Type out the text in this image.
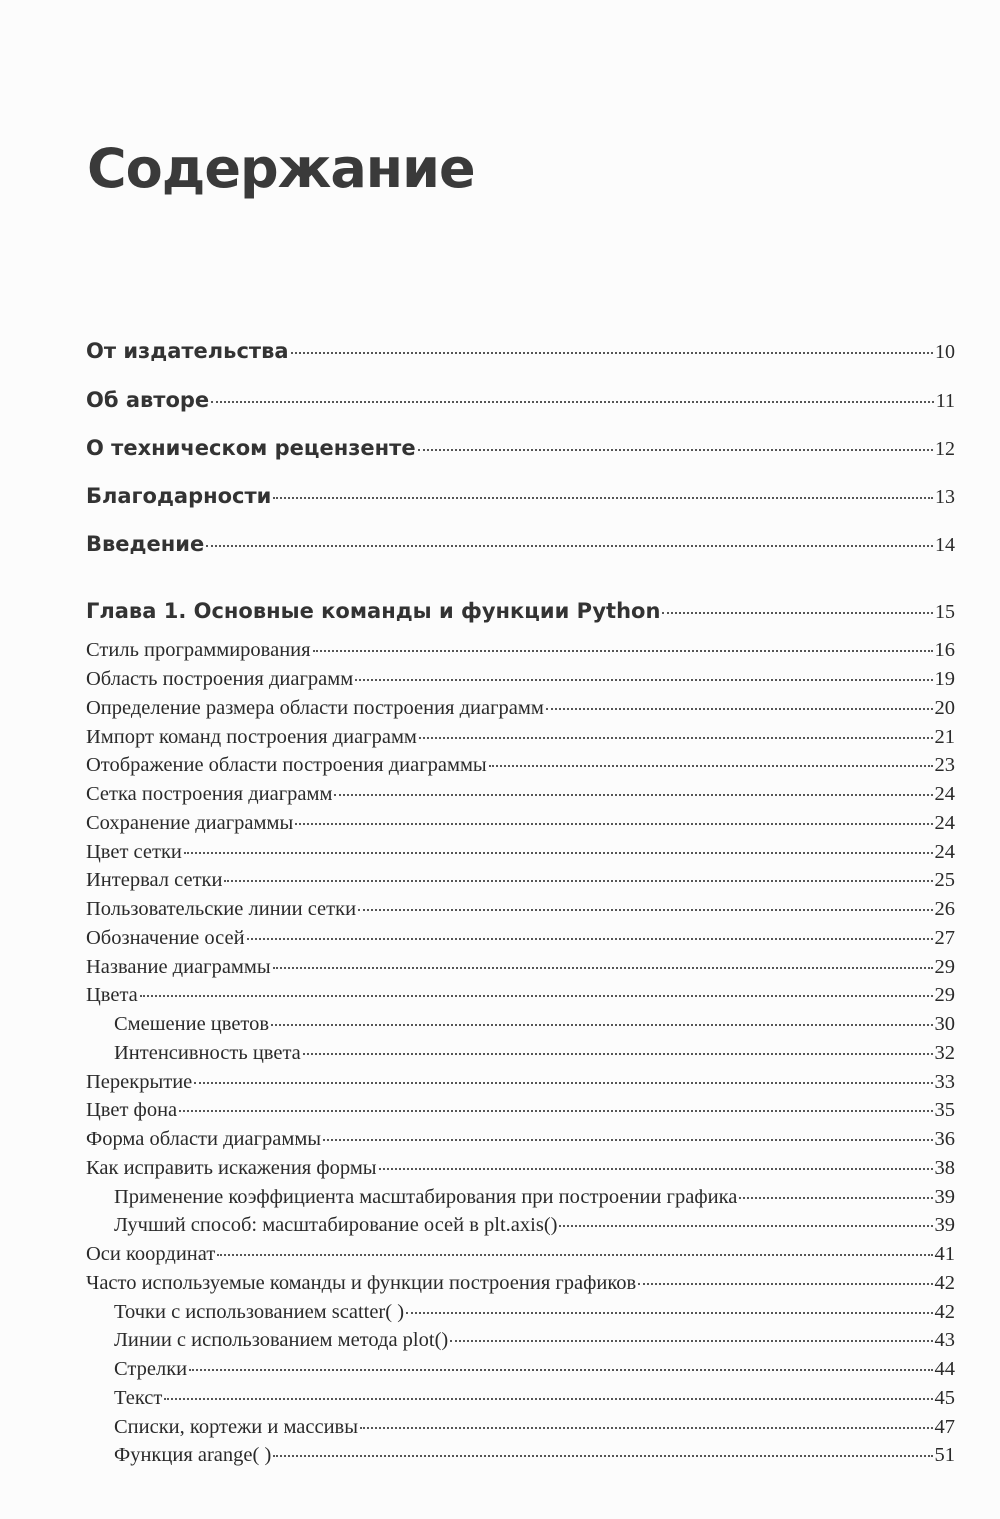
Содержание
От издательства	10
Об авторе	11
О техническом рецензенте	12
Благодарности	13
Введение	14
Глава 1. Основные команды и функции Python	15
Стиль программирования	16
Область построения диаграмм	19
Определение размера области построения диаграмм	20
Импорт команд построения диаграмм	21
Отображение области построения диаграммы	23
Сетка построения диаграмм	24
Сохранение диаграммы	24
Цвет сетки	24
Интервал сетки	25
Пользовательские линии сетки	26
Обозначение осей	27
Название диаграммы	29
Цвета	29
Смешение цветов	30
Интенсивность цвета	32
Перекрытие	33
Цвет фона	35
Форма области диаграммы	36
Как исправить искажения формы	38
Применение коэффициента масштабирования при построении графика	39
Лучший способ: масштабирование осей в plt.axis()	39
Оси координат	41
Часто используемые команды и функции построения графиков	42
Точки с использованием scatter( )	42
Линии с использованием метода plot()	43
Стрелки	44
Текст	45
Списки, кортежи и массивы	47
Функция arange( )	51
